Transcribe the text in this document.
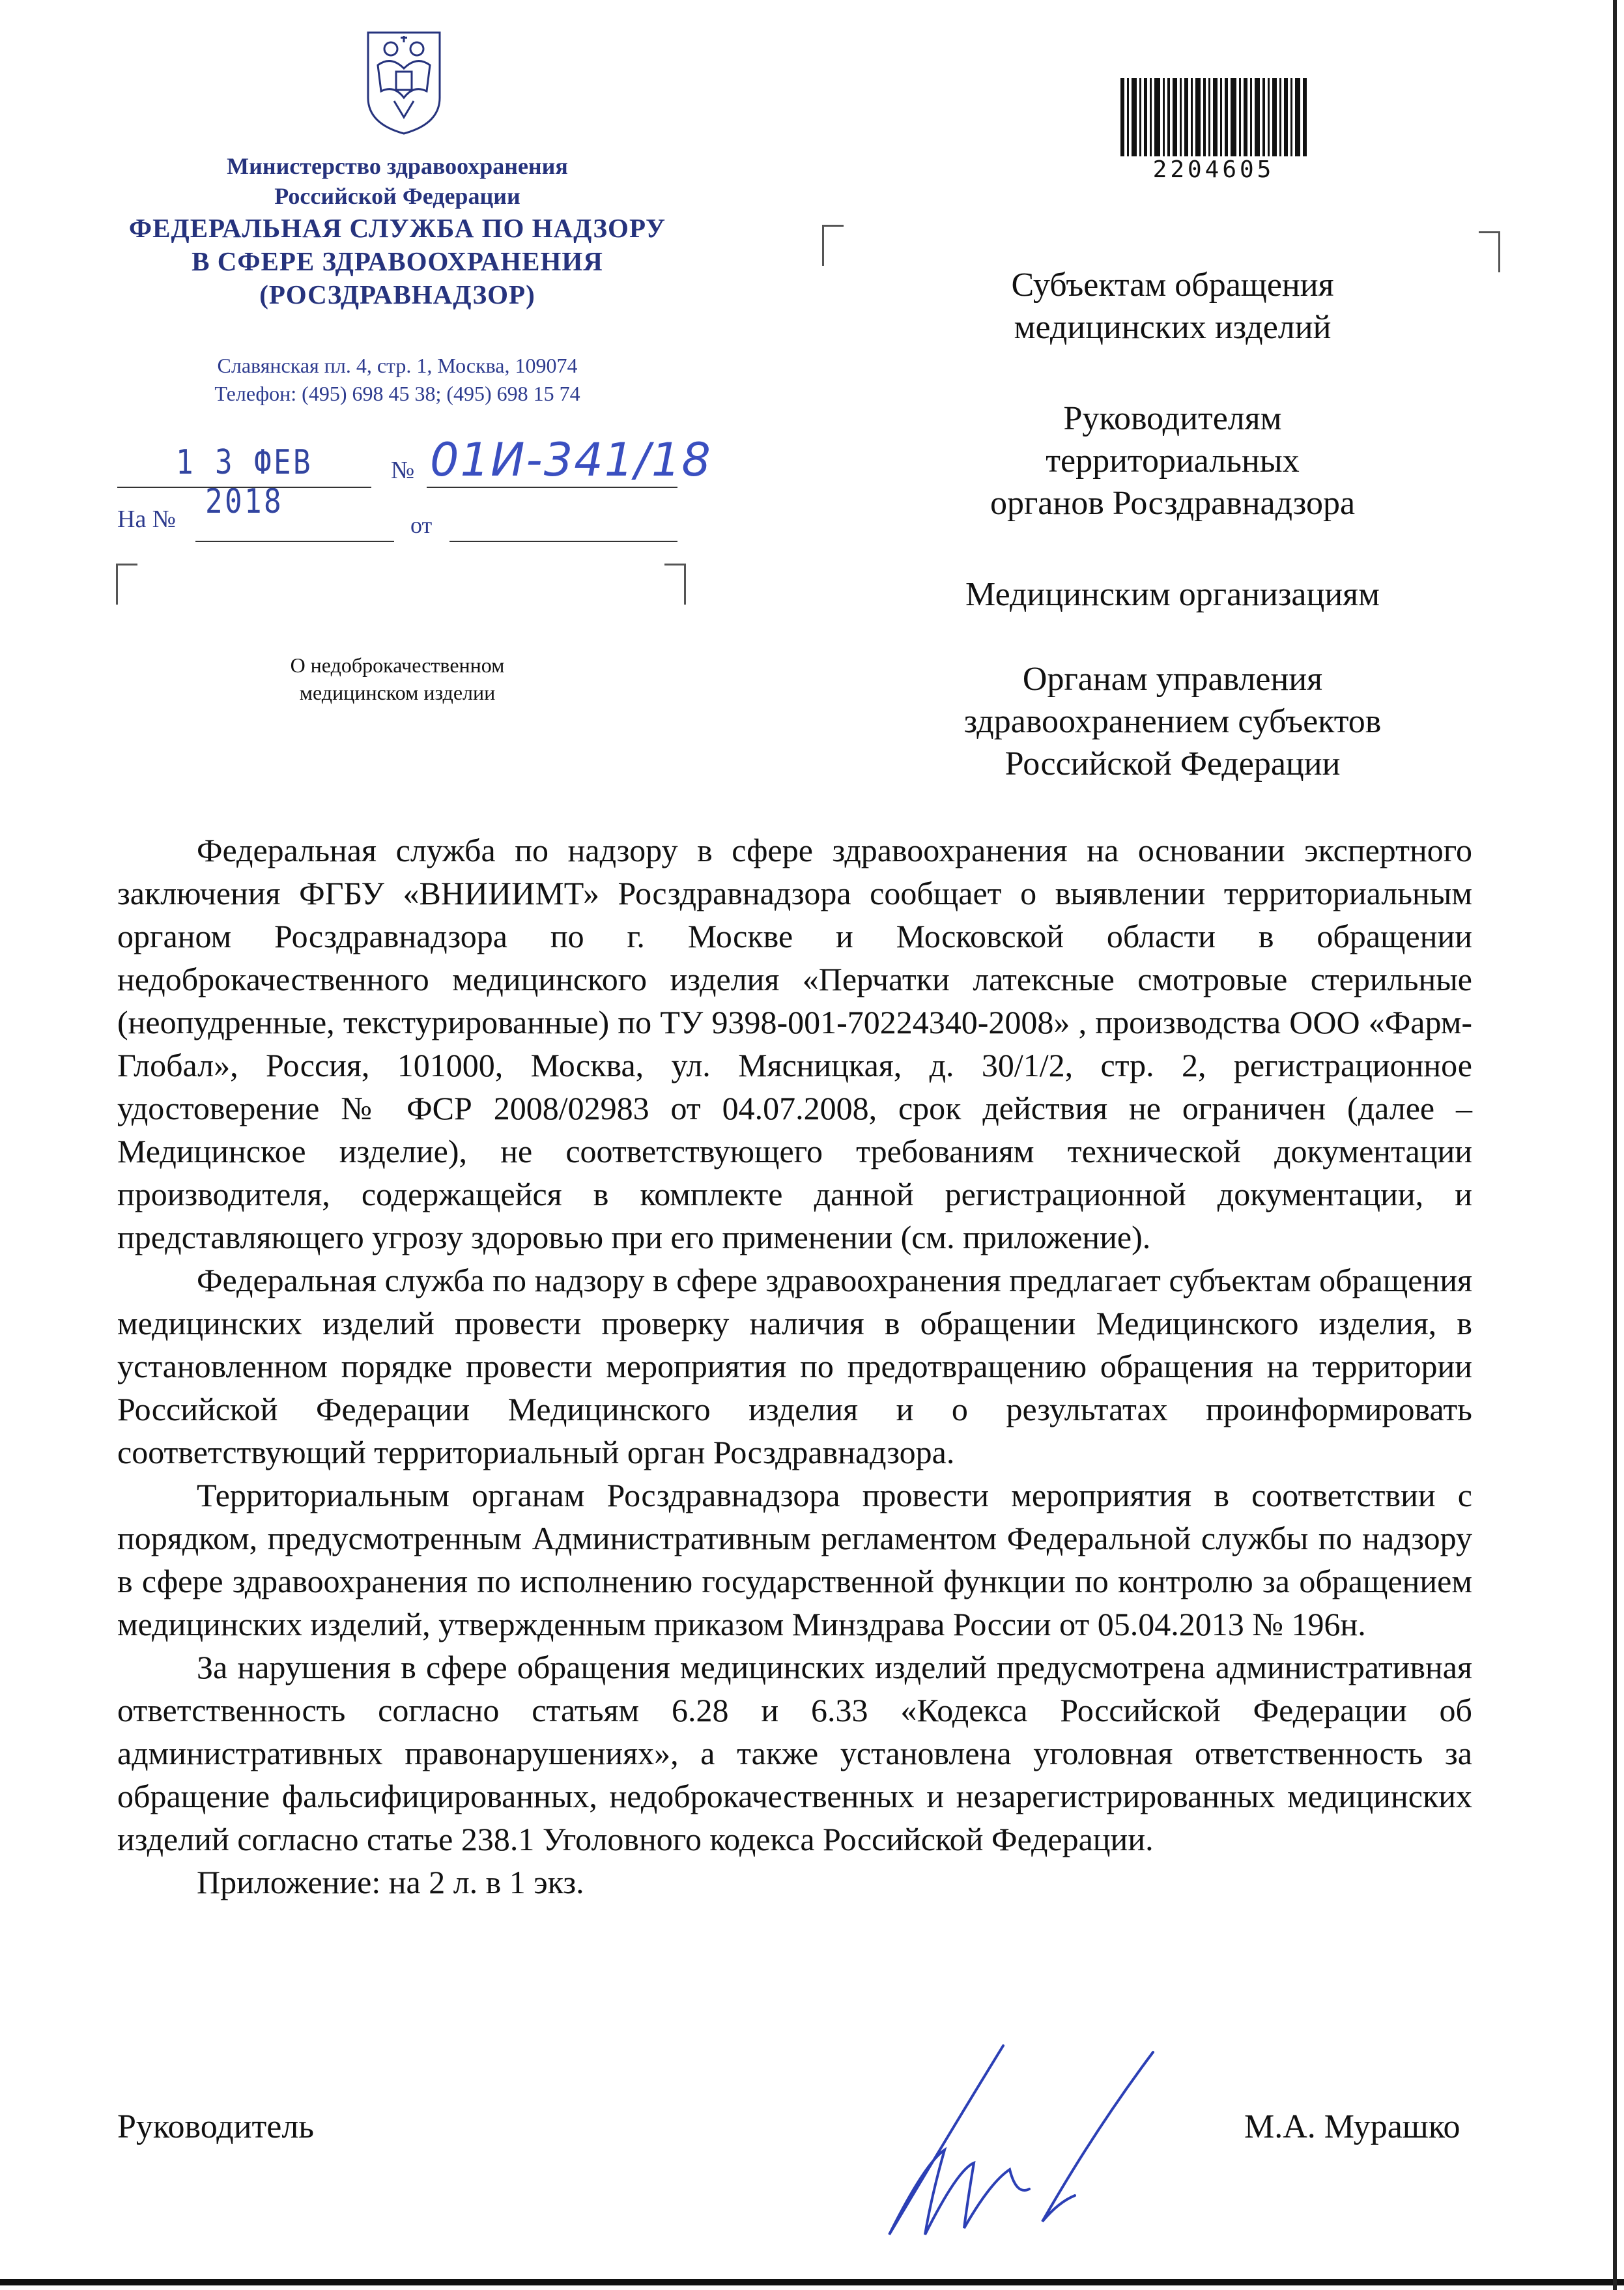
Министерство здравоохранения
Российской Федерации
ФЕДЕРАЛЬНАЯ СЛУЖБА ПО НАДЗОРУ
В СФЕРЕ ЗДРАВООХРАНЕНИЯ
(РОСЗДРАВНАДЗОР)
Славянская пл. 4, стр. 1, Москва, 109074
Телефон: (495) 698 45 38; (495) 698 15 74
1 3 ФЕВ 2018
№ 01И-341/18
На №	от
О недоброкачественном
медицинском изделии
2204605
Субъектам обращения
медицинских изделий
Руководителям
территориальных
органов Росздравнадзора
Медицинским организациям
Органам управления
здравоохранением субъектов
Российской Федерации

Федеральная служба по надзору в сфере здравоохранения на основании экспертного заключения ФГБУ «ВНИИИМТ» Росздравнадзора сообщает о выявлении территориальным органом Росздравнадзора по г. Москве и Московской области в обращении недоброкачественного медицинского изделия «Перчатки латексные смотровые стерильные (неопудренные, текстурированные) по ТУ 9398-001-70224340-2008» , производства ООО «Фарм-Глобал», Россия, 101000, Москва, ул. Мясницкая, д. 30/1/2, стр. 2, регистрационное удостоверение № ФСР 2008/02983 от 04.07.2008, срок действия не ограничен (далее – Медицинское изделие), не соответствующего требованиям технической документации производителя, содержащейся в комплекте данной регистрационной документации, и представляющего угрозу здоровью при его применении (см. приложение).

Федеральная служба по надзору в сфере здравоохранения предлагает субъектам обращения медицинских изделий провести проверку наличия в обращении Медицинского изделия, в установленном порядке провести мероприятия по предотвращению обращения на территории Российской Федерации Медицинского изделия и о результатах проинформировать соответствующий территориальный орган Росздравнадзора.

Территориальным органам Росздравнадзора провести мероприятия в соответствии с порядком, предусмотренным Административным регламентом Федеральной службы по надзору в сфере здравоохранения по исполнению государственной функции по контролю за обращением медицинских изделий, утвержденным приказом Минздрава России от 05.04.2013 № 196н.

За нарушения в сфере обращения медицинских изделий предусмотрена административная ответственность согласно статьям 6.28 и 6.33 «Кодекса Российской Федерации об административных правонарушениях», а также установлена уголовная ответственность за обращение фальсифицированных, недоброкачественных и незарегистрированных медицинских изделий согласно статье 238.1 Уголовного кодекса Российской Федерации.

Приложение: на 2 л. в 1 экз.

Руководитель	М.А. Мурашко
